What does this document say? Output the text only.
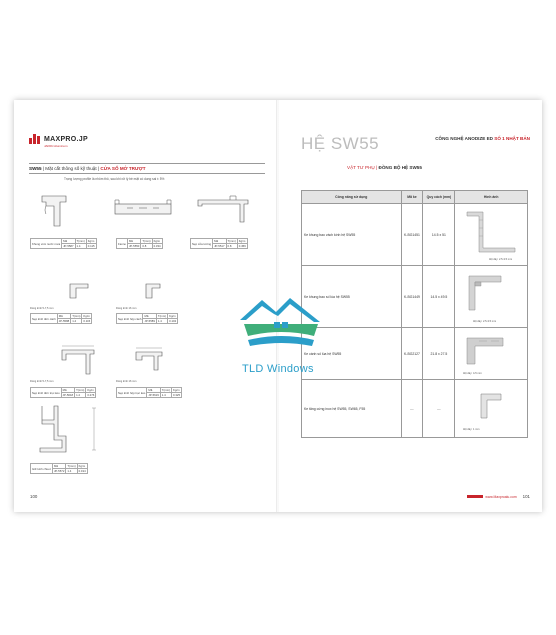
MAXPRO.JP
JAPAN Aluminum
SW55 | Mặt cắt thông số kỹ thuật | CỬA SỔ MỞ TRƯỢT
Trọng lượng profile là nhôm thô, sau khi xử lý bề mặt có dung sai ± 5%
Khung vòm nước mưa	Mã	T(mm)	Kg/m
	JP-5587	1.4	0.115
Fanno	Mã	T(mm)	Kg/m
	JP-5550	0.8	0.334
Nẹp cửa tường	Mã	T(mm)	Kg/m
	JP-5517	0.8	0.456
Dùng kính 5-7,5 mm
Nẹp kính đơn cánh	Mã	T(mm)	Kg/m
	JP-5588	1.4	0.115
Dùng kính 16 mm
Nẹp kính hộp cánh	Mã	T(mm)	Kg/m
	JP-5589	1.4	0.102
Dùng kính 5-7,5 mm
Nẹp kính đơn trục kéo	Mã	T(mm)	Kg/m
	JP-5618	1.4	0.276
Dùng kính 16 mm
Nẹp kính hộp trục kéo	Mã	T(mm)	Kg/m
	JP-5619	1.4	0.325
Giữ kính chia ô	Mã	T(mm)	Kg/m
	JP-5572	1.4	0.194
100
HỆ SW55	CÔNG NGHỆ ANODIZE ED SỐ 1 NHẬT BẢN
VẬT TƯ PHỤ | ĐỒNG BỘ HỆ SW55
Công năng sử dụng	Mã ke	Quy cách (mm)	Hình ảnh
Ke khung bao vách kính hệ SW55	K-BG1451	14.5 x 51	Độ dày: 2.5-3.5 mm

Ke khung bao số lùa hệ SW55	K-BG1449	14.5 x 49.5	Độ dày: 2.5-3.5 mm

Ke cánh số lùa hệ SW55	K-BG2127	21.8 x 27.5	Độ dày: 4-5 mm

Ke tăng cứng inox hệ SW55, SW65, F55	---	---	Độ dày: 1 mm
www.Maxproalu.com 101
TLD Windows
